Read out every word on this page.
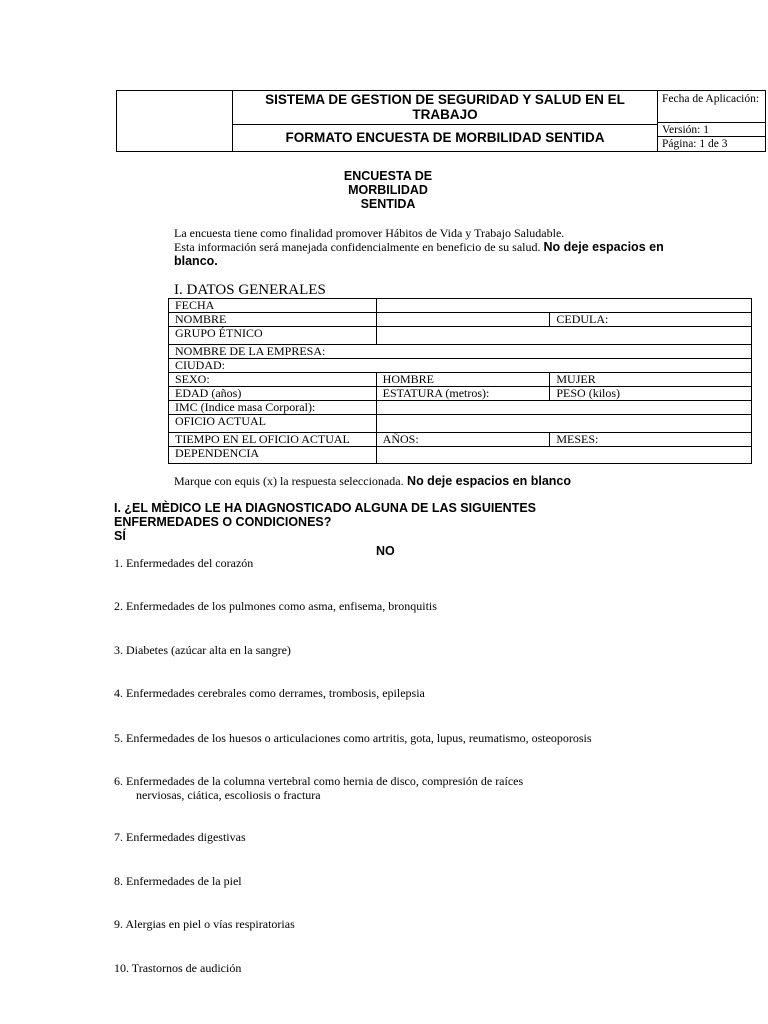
SISTEMA DE GESTION DE SEGURIDAD Y SALUD EN EL TRABAJO
FORMATO ENCUESTA DE MORBILIDAD SENTIDA
Fecha de Aplicación:
Versión: 1
Página: 1 de 3
ENCUESTA DE
MORBILIDAD
SENTIDA
La encuesta tiene como finalidad promover Hábitos de Vida y Trabajo Saludable.
Esta información será manejada confidencialmente en beneficio de su salud. No deje espacios en blanco.
I. DATOS GENERALES
FECHA		
NOMBRE		CEDULA:
GRUPO ÉTNICO		
NOMBRE DE LA EMPRESA:		
CIUDAD:		
SEXO:	HOMBRE	MUJER
EDAD (años)	ESTATURA (metros):	PESO (kilos)
IMC (Indice masa Corporal):		
OFICIO ACTUAL		
TIEMPO EN EL OFICIO ACTUAL	AÑOS:	MESES:
DEPENDENCIA		
Marque con equis (x) la respuesta seleccionada. No deje espacios en blanco
I. ¿EL MÈDICO LE HA DIAGNOSTICADO ALGUNA DE LAS SIGUIENTES
ENFERMEDADES O CONDICIONES?
SÍ
NO
1. Enfermedades del corazón
2. Enfermedades de los pulmones como asma, enfisema, bronquitis
3. Diabetes (azúcar alta en la sangre)
4. Enfermedades cerebrales como derrames, trombosis, epilepsia
5. Enfermedades de los huesos o articulaciones como artritis, gota, lupus, reumatismo, osteoporosis
6. Enfermedades de la columna vertebral como hernia de disco, compresión de raíces
nerviosas, ciática, escoliosis o fractura
7. Enfermedades digestivas
8. Enfermedades de la piel
9. Alergias en piel o vías respiratorias
10. Trastornos de audición
